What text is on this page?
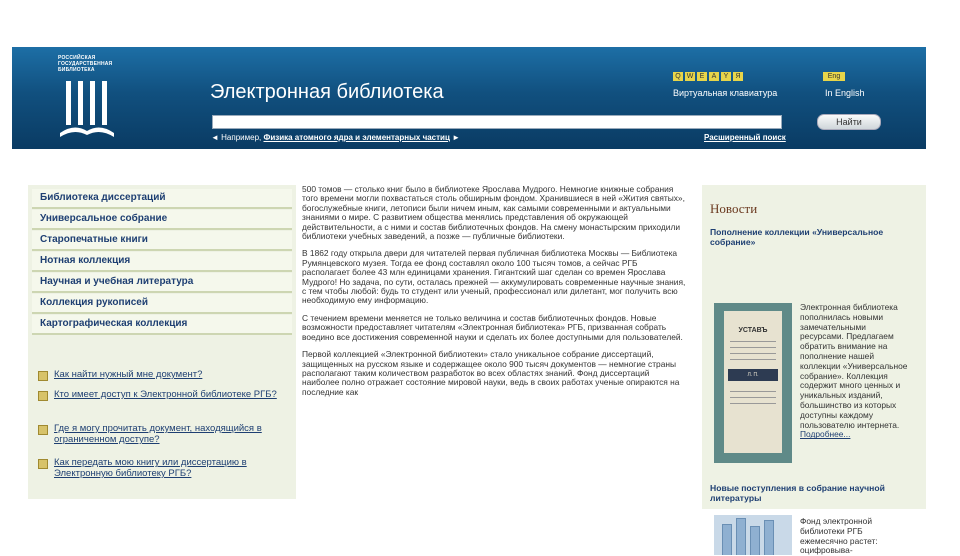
РОССИЙСКАЯ ГОСУДАРСТВЕННАЯ БИБЛИОТЕКА
Электронная библиотека
Q W E	A	Y	Я
Виртуальная клавиатура
Eng
In English
Найти
◄ Например, Физика атомного ядра и элементарных частиц ►	Расширенный поиск
Библиотека диссертаций
Универсальное собрание
Старопечатные книги
Нотная коллекция
Научная и учебная литература
Коллекция рукописей
Картографическая коллекция
Как найти нужный мне документ?
Кто имеет доступ к Электронной библиотеке РГБ?
Где я могу прочитать документ, находящийся в ограниченном доступе?
Как передать мою книгу или диссертацию в Электронную библиотеку РГБ?

500 томов — столько книг было в библиотеке Ярослава Мудрого. Немногие книжные собрания того времени могли похвастаться столь обширным фондом. Хранившиеся в ней «Жития святых», богослужебные книги, летописи были ничем иным, как самыми современными и актуальными знаниями о мире. С развитием общества менялись представления об окружающей действительности, а с ними и состав библиотечных фондов. На смену монастырским приходили библиотеки учебных заведений, а позже — публичные библиотеки.

В 1862 году открыла двери для читателей первая публичная библиотека Москвы — Библиотека Румянцевского музея. Тогда ее фонд составлял около 100 тысяч томов, а сейчас РГБ располагает более 43 млн единицами хранения. Гигантский шаг сделан со времен Ярослава Мудрого! Но задача, по сути, осталась прежней — аккумулировать современные научные знания, с тем чтобы любой: будь то студент или ученый, профессионал или дилетант, мог получить всю необходимую ему информацию.

С течением времени меняется не только величина и состав библиотечных фондов. Новые возможности предоставляет читателям «Электронная библиотека» РГБ, призванная собрать воедино все достижения современной науки и сделать их более доступными для пользователей.

Первой коллекцией «Электронной библиотеки» стало уникальное собрание диссертаций, защищенных на русском языке и содержащее около 900 тысяч документов — немногие страны располагают таким количеством разработок во всех областях знаний. Фонд диссертаций наиболее полно отражает состояние мировой науки, ведь в своих работах ученые опираются на последние как

Новости
Пополнение коллекции «Универсальное собрание»
УСТАВЪ
Л. П. ГОЛОВИНСКИЙ
Электронная библиотека пополнилась новыми замечательными ресурсами. Предлагаем обратить внимание на пополнение нашей коллекции «Универсальное собрание». Коллекция содержит много ценных и уникальных изданий, большинство из которых доступны каждому пользователю интернета. Подробнее...
Новые поступления в собрание научной литературы
Фонд электронной библиотеки РГБ ежемесячно растет: оцифровыва-
